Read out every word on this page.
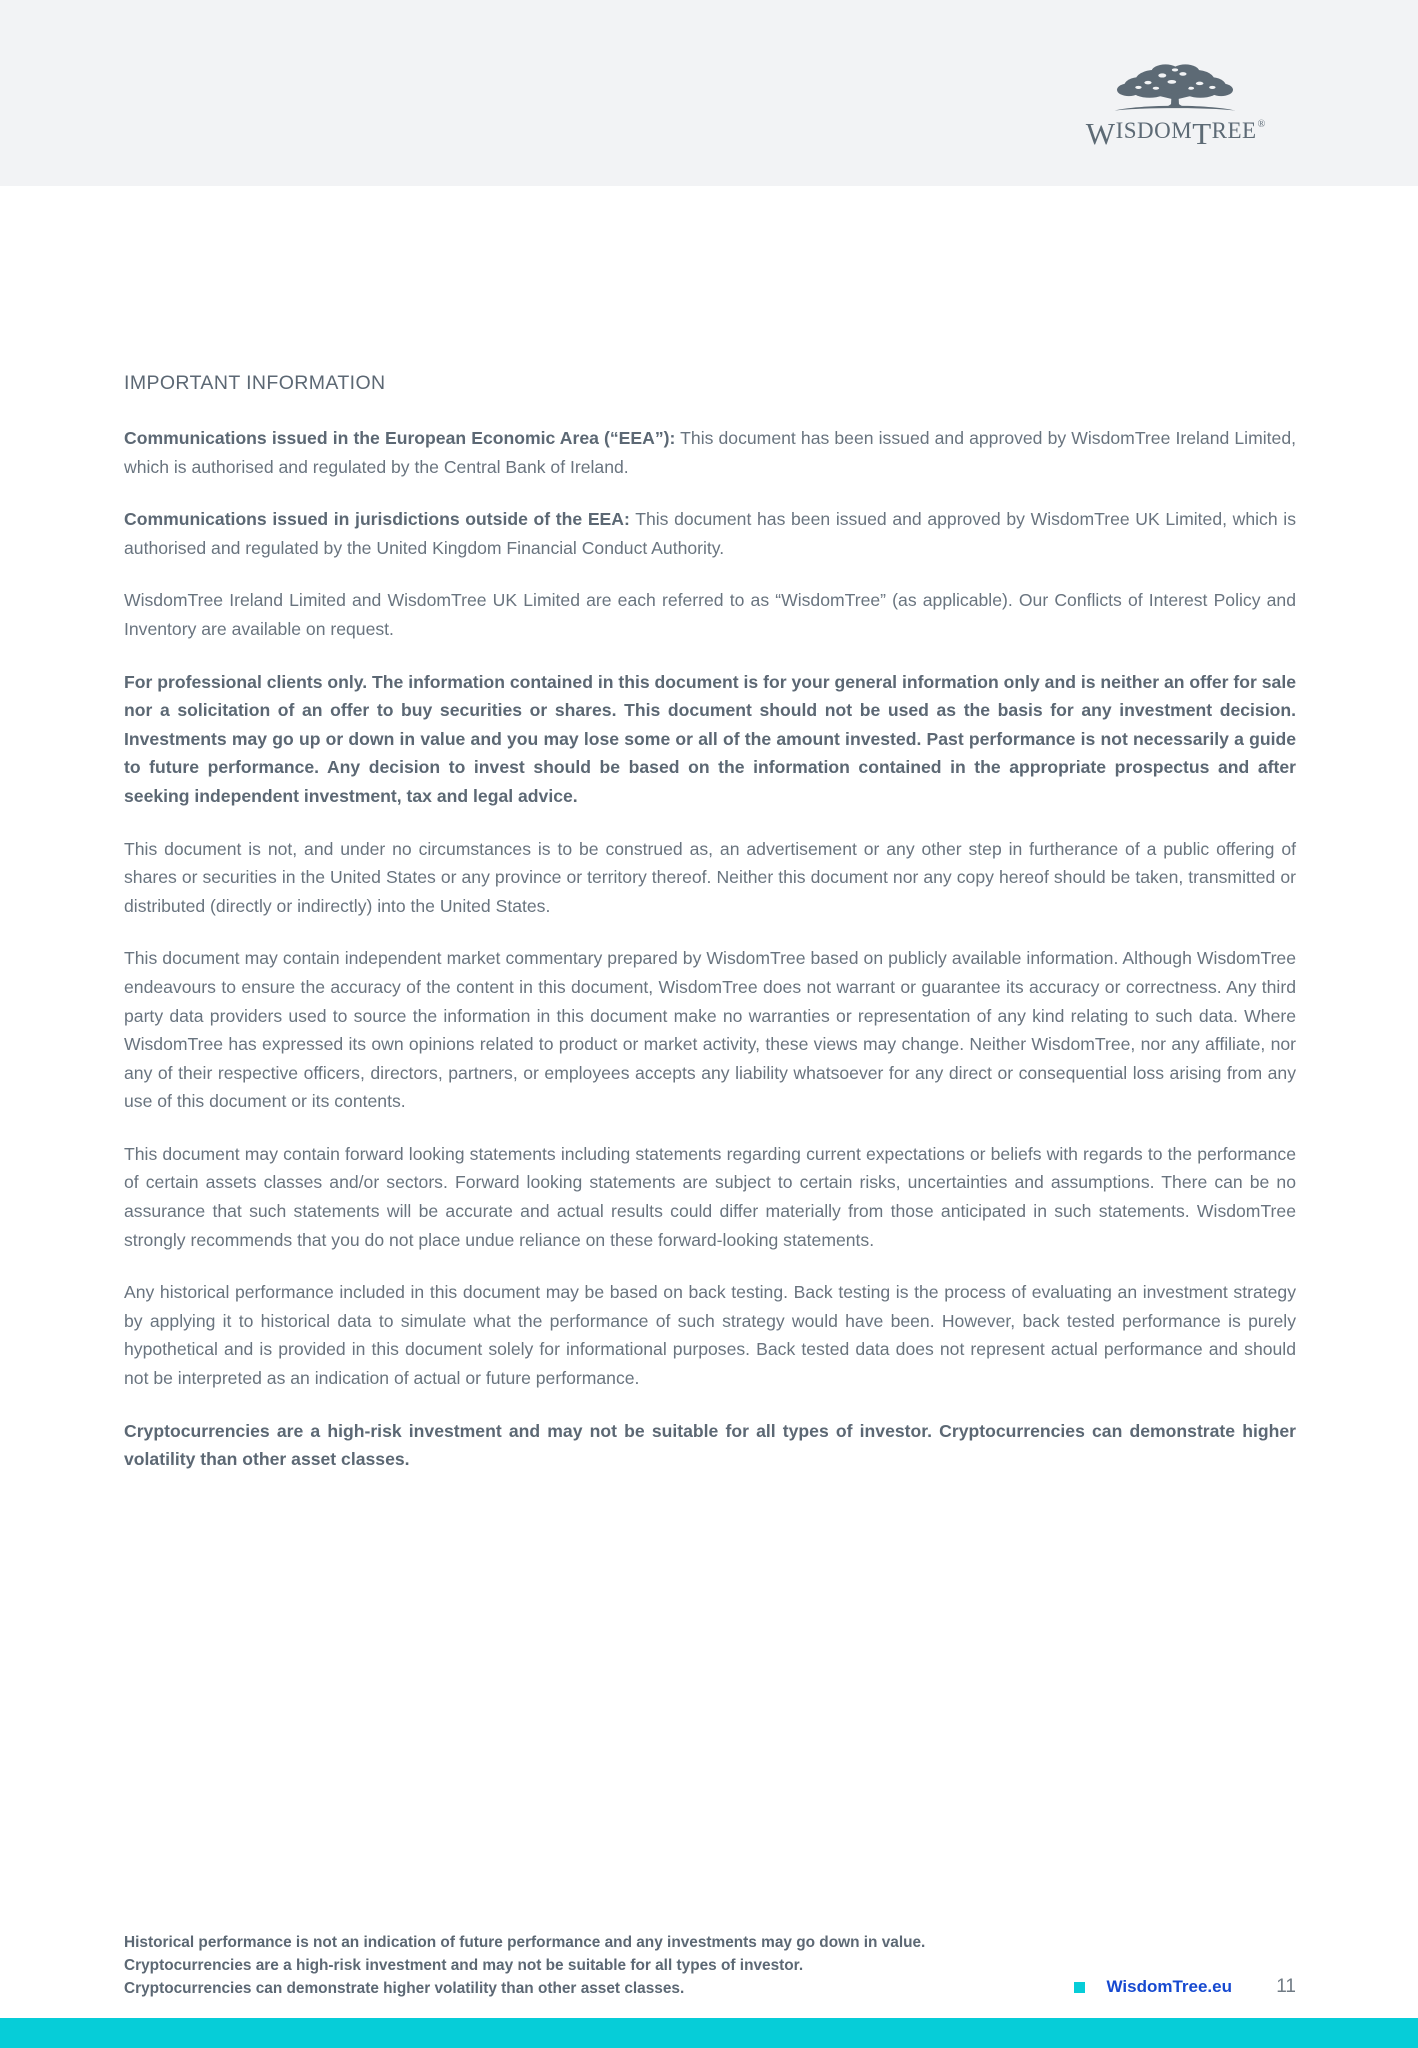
W ISDOM T REE ®
IMPORTANT INFORMATION

Communications issued in the European Economic Area (“EEA”): This document has been issued and approved by WisdomTree Ireland Limited, which is authorised and regulated by the Central Bank of Ireland.

Communications issued in jurisdictions outside of the EEA: This document has been issued and approved by WisdomTree UK Limited, which is authorised and regulated by the United Kingdom Financial Conduct Authority.

WisdomTree Ireland Limited and WisdomTree UK Limited are each referred to as “WisdomTree” (as applicable). Our Conflicts of Interest Policy and Inventory are available on request.

For professional clients only. The information contained in this document is for your general information only and is neither an offer for sale nor a solicitation of an offer to buy securities or shares. This document should not be used as the basis for any investment decision. Investments may go up or down in value and you may lose some or all of the amount invested. Past performance is not necessarily a guide to future performance. Any decision to invest should be based on the information contained in the appropriate prospectus and after seeking independent investment, tax and legal advice.

This document is not, and under no circumstances is to be construed as, an advertisement or any other step in furtherance of a public offering of shares or securities in the United States or any province or territory thereof. Neither this document nor any copy hereof should be taken, transmitted or distributed (directly or indirectly) into the United States.

This document may contain independent market commentary prepared by WisdomTree based on publicly available information. Although WisdomTree endeavours to ensure the accuracy of the content in this document, WisdomTree does not warrant or guarantee its accuracy or correctness. Any third party data providers used to source the information in this document make no warranties or representation of any kind relating to such data. Where WisdomTree has expressed its own opinions related to product or market activity, these views may change. Neither WisdomTree, nor any affiliate, nor any of their respective officers, directors, partners, or employees accepts any liability whatsoever for any direct or consequential loss arising from any use of this document or its contents.

This document may contain forward looking statements including statements regarding current expectations or beliefs with regards to the performance of certain assets classes and/or sectors. Forward looking statements are subject to certain risks, uncertainties and assumptions. There can be no assurance that such statements will be accurate and actual results could differ materially from those anticipated in such statements. WisdomTree strongly recommends that you do not place undue reliance on these forward-looking statements.

Any historical performance included in this document may be based on back testing. Back testing is the process of evaluating an investment strategy by applying it to historical data to simulate what the performance of such strategy would have been. However, back tested performance is purely hypothetical and is provided in this document solely for informational purposes. Back tested data does not represent actual performance and should not be interpreted as an indication of actual or future performance.

Cryptocurrencies are a high-risk investment and may not be suitable for all types of investor. Cryptocurrencies can demonstrate higher volatility than other asset classes.

Historical performance is not an indication of future performance and any investments may go down in value.
Cryptocurrencies are a high-risk investment and may not be suitable for all types of investor.
Cryptocurrencies can demonstrate higher volatility than other asset classes.	WisdomTree.eu	11
